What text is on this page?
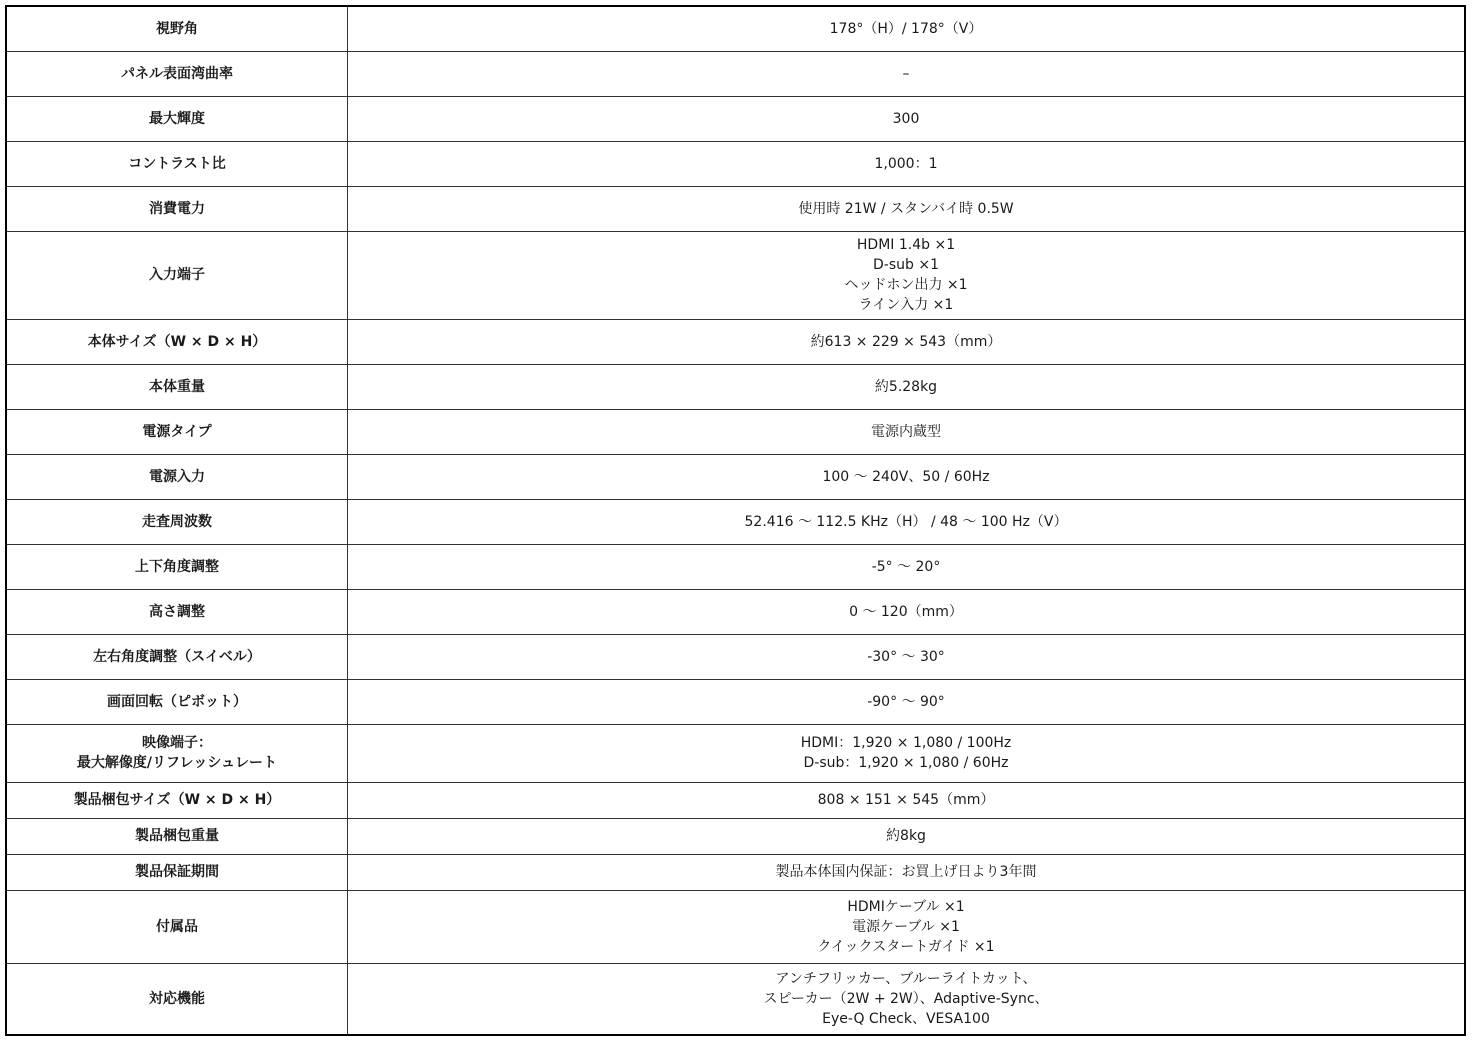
視野角	178°（H）/ 178°（V）

パネル表面湾曲率	–

最大輝度	300

コントラスト比	1,000：1

消費電力	使用時 21W / スタンバイ時 0.5W

入力端子	HDMI 1.4b ×1
D-sub ×1
ヘッドホン出力 ×1
ライン入力 ×1

本体サイズ（W × D × H）	約613 × 229 × 543（mm）

本体重量	約5.28kg

電源タイプ	電源内蔵型

電源入力	100 ～ 240V、50 / 60Hz

走査周波数	52.416 ～ 112.5 KHz（H） / 48 ～ 100 Hz（V）

上下角度調整	-5° ～ 20°

高さ調整	0 ～ 120（mm）

左右角度調整（スイベル）	-30° ～ 30°

画面回転（ピボット）	-90° ～ 90°

映像端子：
最大解像度/リフレッシュレート	HDMI：1,920 × 1,080 / 100Hz
D-sub：1,920 × 1,080 / 60Hz

製品梱包サイズ（W × D × H）	808 × 151 × 545（mm）

製品梱包重量	約8kg

製品保証期間	製品本体国内保証：お買上げ日より3年間

付属品	HDMIケーブル ×1
電源ケーブル ×1
クイックスタートガイド ×1

対応機能	アンチフリッカー、ブルーライトカット、
スピーカー（2W + 2W）、Adaptive-Sync、
Eye-Q Check、VESA100
